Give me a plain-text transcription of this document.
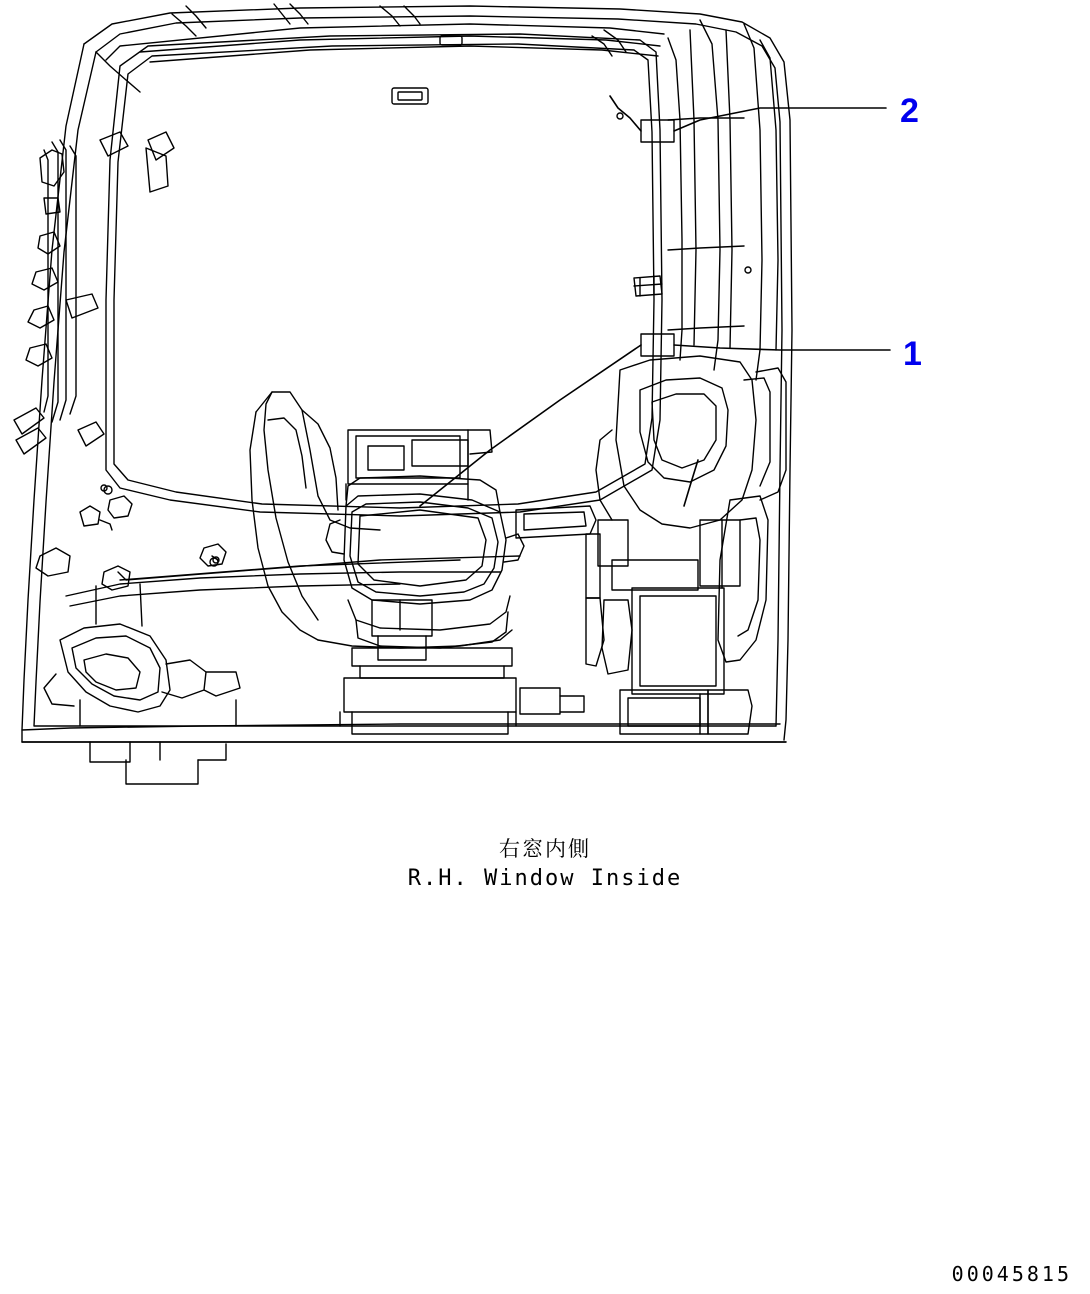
2
1
右窓内側
R.H. Window Inside
00045815
